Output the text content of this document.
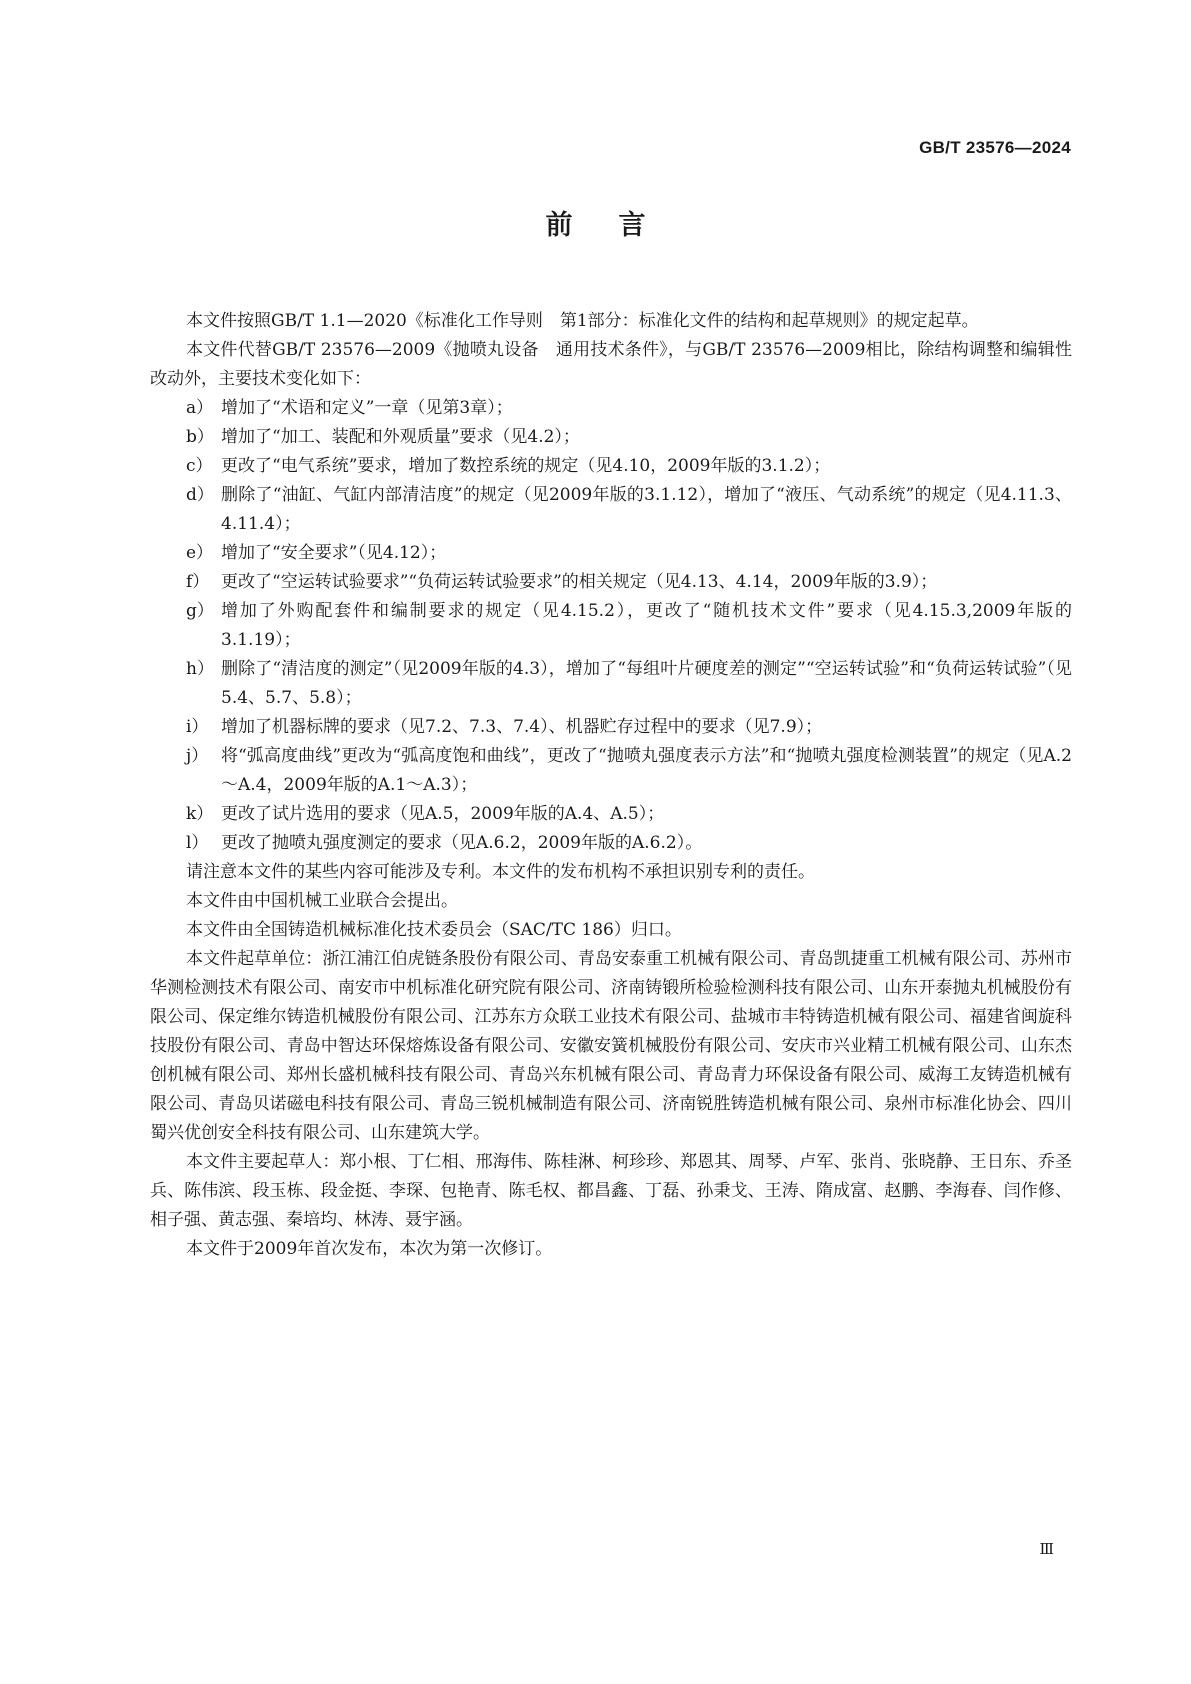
GB/T 23576—2024
前言

本文件按照GB/T 1.1—2020《标准化工作导则　第1部分：标准化文件的结构和起草规则》的规定起草。

本文件代替GB/T 23576—2009《抛喷丸设备　通用技术条件》，与GB/T 23576—2009相比，除结构调整和编辑性改动外，主要技术变化如下：

a） 增加了“术语和定义”一章（见第3章）；
b） 增加了“加工、装配和外观质量”要求（见4.2）；
c） 更改了“电气系统”要求，增加了数控系统的规定（见4.10，2009年版的3.1.2）；
d） 删除了“油缸、气缸内部清洁度”的规定（见2009年版的3.1.12），增加了“液压、气动系统”的规定（见4.11.3、4.11.4）；
e） 增加了“安全要求”（见4.12）；
f） 更改了“空运转试验要求”“负荷运转试验要求”的相关规定（见4.13、4.14，2009年版的3.9）；
g） 增加了外购配套件和编制要求的规定（见4.15.2），更改了“随机技术文件”要求（见4.15.3,2009年版的3.1.19）；
h） 删除了“清洁度的测定”（见2009年版的4.3），增加了“每组叶片硬度差的测定”“空运转试验”和“负荷运转试验”（见5.4、5.7、5.8）；
i） 增加了机器标牌的要求（见7.2、7.3、7.4）、机器贮存过程中的要求（见7.9）；
j） 将“弧高度曲线”更改为“弧高度饱和曲线”，更改了“抛喷丸强度表示方法”和“抛喷丸强度检测装置”的规定（见A.2～A.4，2009年版的A.1～A.3）；
k） 更改了试片选用的要求（见A.5，2009年版的A.4、A.5）；
l） 更改了抛喷丸强度测定的要求（见A.6.2，2009年版的A.6.2）。

请注意本文件的某些内容可能涉及专利。本文件的发布机构不承担识别专利的责任。

本文件由中国机械工业联合会提出。

本文件由全国铸造机械标准化技术委员会（SAC/TC 186）归口。

本文件起草单位：浙江浦江伯虎链条股份有限公司、青岛安泰重工机械有限公司、青岛凯捷重工机械有限公司、苏州市华测检测技术有限公司、南安市中机标准化研究院有限公司、济南铸锻所检验检测科技有限公司、山东开泰抛丸机械股份有限公司、保定维尔铸造机械股份有限公司、江苏东方众联工业技术有限公司、盐城市丰特铸造机械有限公司、福建省闽旋科技股份有限公司、青岛中智达环保熔炼设备有限公司、安徽安簧机械股份有限公司、安庆市兴业精工机械有限公司、山东杰创机械有限公司、郑州长盛机械科技有限公司、青岛兴东机械有限公司、青岛青力环保设备有限公司、威海工友铸造机械有限公司、青岛贝诺磁电科技有限公司、青岛三锐机械制造有限公司、济南锐胜铸造机械有限公司、泉州市标准化协会、四川蜀兴优创安全科技有限公司、山东建筑大学。

本文件主要起草人：郑小根、丁仁相、邢海伟、陈桂淋、柯珍珍、郑恩其、周琴、卢军、张肖、张晓静、王日东、乔圣兵、陈伟滨、段玉栋、段金挺、李琛、包艳青、陈毛权、都昌鑫、丁磊、孙秉戈、王涛、隋成富、赵鹏、李海春、闫作修、相子强、黄志强、秦培均、林涛、聂宇涵。

本文件于2009年首次发布，本次为第一次修订。

Ⅲ
